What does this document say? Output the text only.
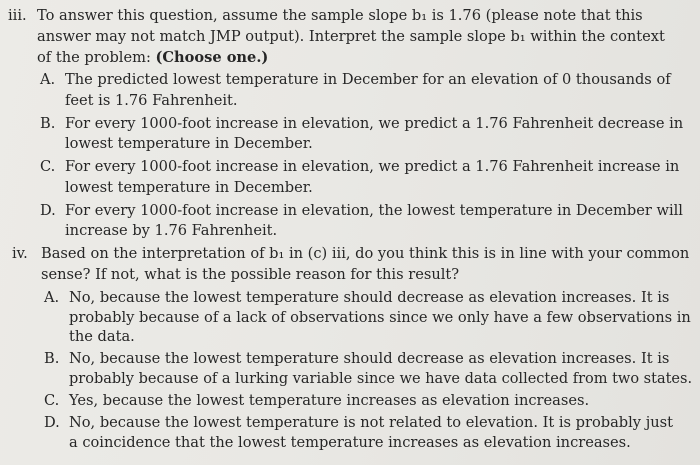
iii. To answer this question, assume the sample slope b₁ is 1.76 (please note that this
answer may not match JMP output). Interpret the sample slope b₁ within the context
of the problem: (Choose one.)
A. The predicted lowest temperature in December for an elevation of 0 thousands of
feet is 1.76 Fahrenheit.
B. For every 1000-foot increase in elevation, we predict a 1.76 Fahrenheit decrease in
lowest temperature in December.
C. For every 1000-foot increase in elevation, we predict a 1.76 Fahrenheit increase in
lowest temperature in December.
D. For every 1000-foot increase in elevation, the lowest temperature in December will
increase by 1.76 Fahrenheit.
iv. Based on the interpretation of b₁ in (c) iii, do you think this is in line with your common
sense? If not, what is the possible reason for this result?
A. No, because the lowest temperature should decrease as elevation increases. It is
probably because of a lack of observations since we only have a few observations in
the data.
B. No, because the lowest temperature should decrease as elevation increases. It is
probably because of a lurking variable since we have data collected from two states.
C. Yes, because the lowest temperature increases as elevation increases.
D. No, because the lowest temperature is not related to elevation. It is probably just
a coincidence that the lowest temperature increases as elevation increases.
